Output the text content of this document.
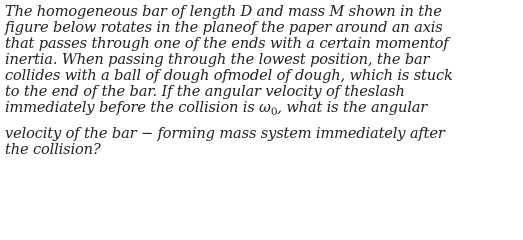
The homogeneous bar of length D and mass M shown in the
figure below rotates in the planeof the paper around an axis
that passes through one of the ends with a certain momentof
inertia. When passing through the lowest position, the bar
collides with a ball of dough ofmodel of dough, which is stuck
to the end of the bar. If the angular velocity of theslash
immediately before the collision is $\omega_0$, what is the angular
velocity of the bar − forming mass system immediately after
the collision?
